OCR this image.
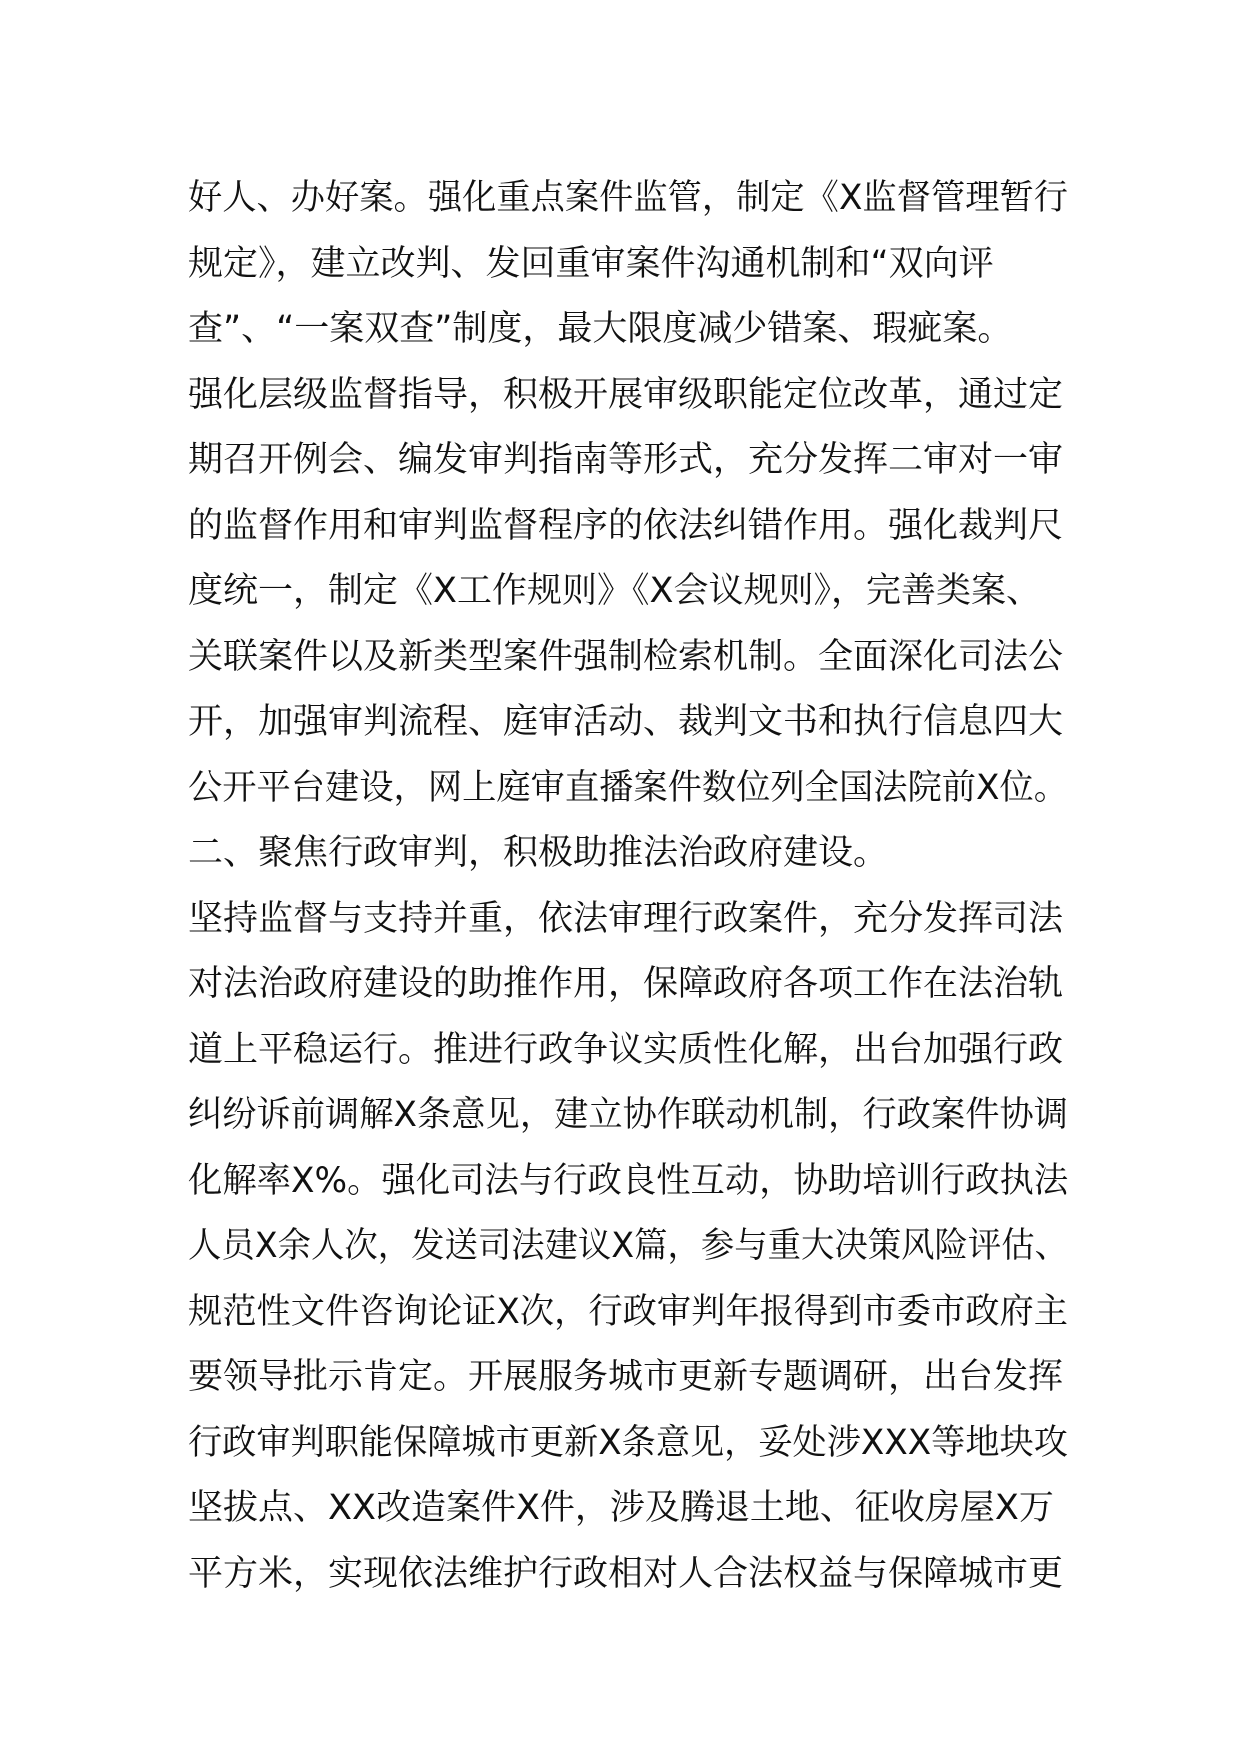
好人、办好案。强化重点案件监管，制定《X监督管理暂行
规定》，建立改判、发回重审案件沟通机制和“双向评
查”、“一案双查”制度，最大限度减少错案、瑕疵案。
强化层级监督指导，积极开展审级职能定位改革，通过定
期召开例会、编发审判指南等形式，充分发挥二审对一审
的监督作用和审判监督程序的依法纠错作用。强化裁判尺
度统一，制定《X工作规则》《X会议规则》，完善类案、
关联案件以及新类型案件强制检索机制。全面深化司法公
开，加强审判流程、庭审活动、裁判文书和执行信息四大
公开平台建设，网上庭审直播案件数位列全国法院前X位。
二、聚焦行政审判，积极助推法治政府建设。
坚持监督与支持并重，依法审理行政案件，充分发挥司法
对法治政府建设的助推作用，保障政府各项工作在法治轨
道上平稳运行。推进行政争议实质性化解，出台加强行政
纠纷诉前调解X条意见，建立协作联动机制，行政案件协调
化解率X%。强化司法与行政良性互动，协助培训行政执法
人员X余人次，发送司法建议X篇，参与重大决策风险评估、
规范性文件咨询论证X次，行政审判年报得到市委市政府主
要领导批示肯定。开展服务城市更新专题调研，出台发挥
行政审判职能保障城市更新X条意见，妥处涉XXX等地块攻
坚拔点、XX改造案件X件，涉及腾退土地、征收房屋X万
平方米，实现依法维护行政相对人合法权益与保障城市更
